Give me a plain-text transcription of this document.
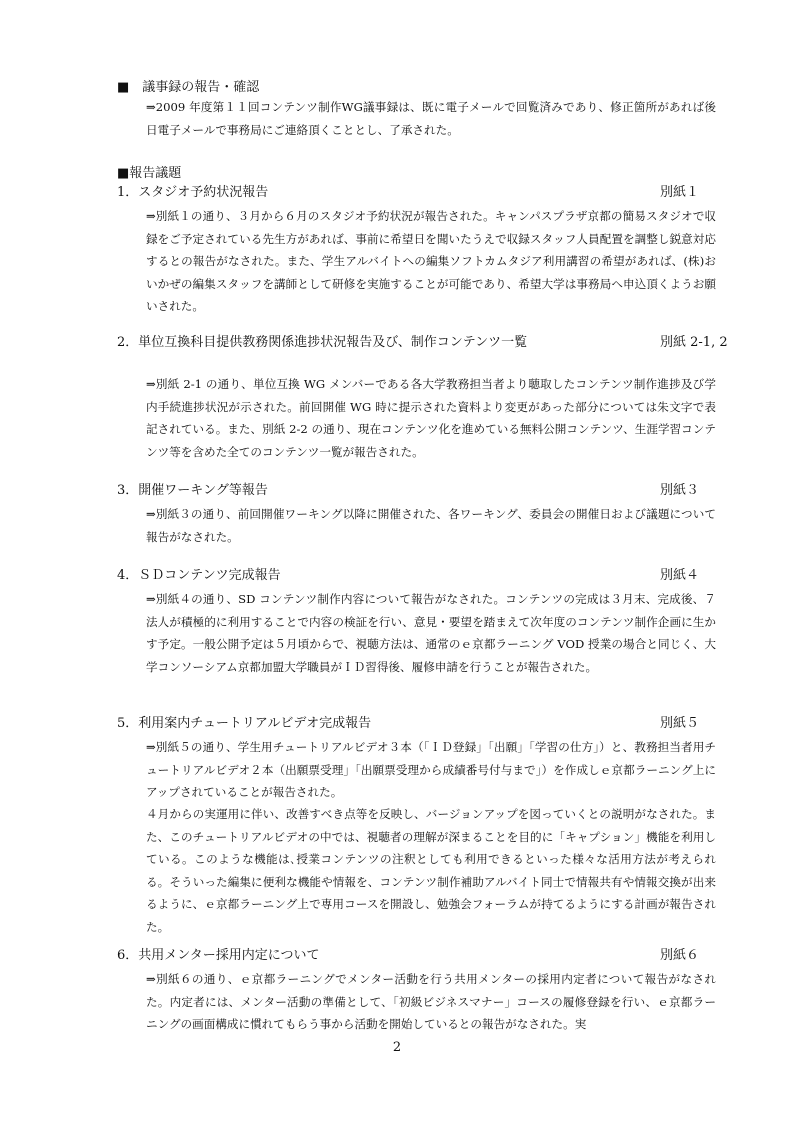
■　議事録の報告・確認

⇒2009 年度第１１回コンテンツ制作WG議事録は、既に電子メールで回覧済みであり、修正箇所があれば後日電子メールで事務局にご連絡頂くこととし、了承された。

■報告議題
1．スタジオ予約状況報告	別紙１

⇒別紙１の通り、３月から６月のスタジオ予約状況が報告された。キャンパスプラザ京都の簡易スタジオで収録をご予定されている先生方があれば、事前に希望日を聞いたうえで収録スタッフ人員配置を調整し鋭意対応するとの報告がなされた。また、学生アルバイトへの編集ソフトカムタジア利用講習の希望があれば、(株)おいかぜの編集スタッフを講師として研修を実施することが可能であり、希望大学は事務局へ申込頂くようお願いされた。

2．単位互換科目提供教務関係進捗状況報告及び、制作コンテンツ一覧	別紙 2-1, 2

⇒別紙 2-1 の通り、単位互換 WG メンバーである各大学教務担当者より聴取したコンテンツ制作進捗及び学内手続進捗状況が示された。前回開催 WG 時に提示された資料より変更があった部分については朱文字で表記されている。また、別紙 2-2 の通り、現在コンテンツ化を進めている無料公開コンテンツ、生涯学習コンテンツ等を含めた全てのコンテンツ一覧が報告された。

3．開催ワーキング等報告	別紙３

⇒別紙３の通り、前回開催ワーキング以降に開催された、各ワーキング、委員会の開催日および議題について報告がなされた。

4．ＳＤコンテンツ完成報告	別紙４

⇒別紙４の通り、SD コンテンツ制作内容について報告がなされた。コンテンツの完成は３月末、完成後、７法人が積極的に利用することで内容の検証を行い、意見・要望を踏まえて次年度のコンテンツ制作企画に生かす予定。一般公開予定は５月頃からで、視聴方法は、通常のｅ京都ラーニング VOD 授業の場合と同じく、大学コンソーシアム京都加盟大学職員がＩＤ習得後、履修申請を行うことが報告された。

5．利用案内チュートリアルビデオ完成報告	別紙５

⇒別紙５の通り、学生用チュートリアルビデオ３本（「ＩＤ登録」「出願」「学習の仕方」）と、教務担当者用チュートリアルビデオ２本（出願票受理」「出願票受理から成績番号付与まで」）を作成しｅ京都ラーニング上にアップされていることが報告された。

４月からの実運用に伴い、改善すべき点等を反映し、バージョンアップを図っていくとの説明がなされた。また、このチュートリアルビデオの中では、視聴者の理解が深まることを目的に「キャプション」機能を利用している。このような機能は､授業コンテンツの注釈としても利用できるといった様々な活用方法が考えられる。そういった編集に便利な機能や情報を、コンテンツ制作補助アルバイト同士で情報共有や情報交換が出来るように、ｅ京都ラーニング上で専用コースを開設し、勉強会フォーラムが持てるようにする計画が報告された。

6．共用メンター採用内定について	別紙６

⇒別紙６の通り、ｅ京都ラーニングでメンター活動を行う共用メンターの採用内定者について報告がなされた。内定者には、メンター活動の準備として、「初級ビジネスマナー」コースの履修登録を行い、ｅ京都ラーニングの画面構成に慣れてもらう事から活動を開始しているとの報告がなされた。実

2
